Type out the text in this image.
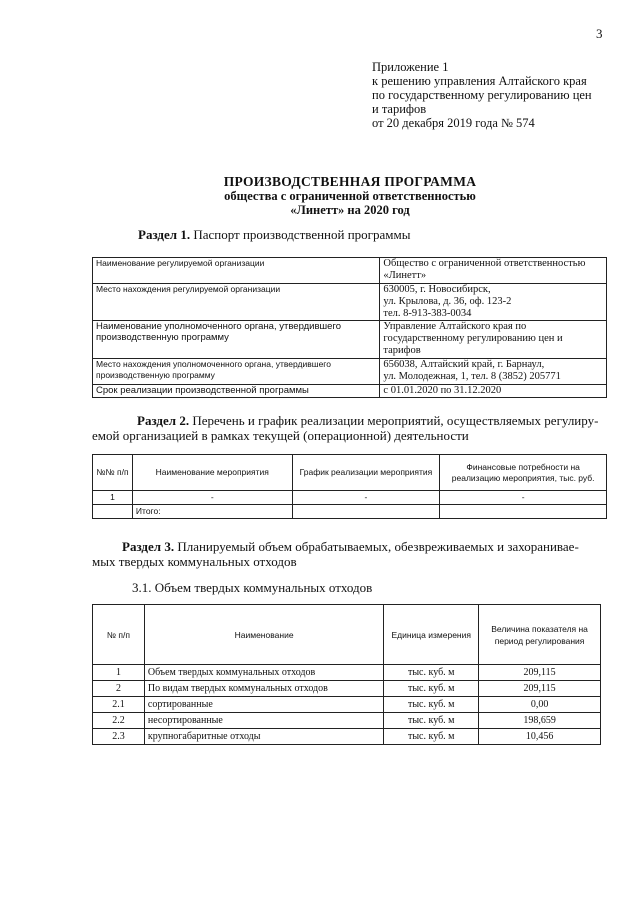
3
Приложение 1
к решению управления Алтайского края
по государственному регулированию цен
и тарифов
от 20 декабря 2019 года № 574
ПРОИЗВОДСТВЕННАЯ ПРОГРАММА
общества с ограниченной ответственностью
«Линетт» на 2020 год
Раздел 1. Паспорт производственной программы
Наименование регулируемой организации	Общество с ограниченной ответственностью
«Линетт»

Место нахождения регулируемой организации	630005, г. Новосибирск,
ул. Крылова, д. 36, оф. 123-2
тел. 8-913-383-0034

Наименование уполномоченного органа, утвердившего производственную программу	Управление Алтайского края по
государственному регулированию цен и
тарифов

Место нахождения уполномоченного органа, утвердившего производственную программу	656038, Алтайский край, г. Барнаул,
ул. Молодежная, 1, тел. 8 (3852) 205771

Срок реализации производственной программы	с 01.01.2020 по 31.12.2020
Раздел 2. Перечень и график реализации мероприятий, осуществляемых регулиру-
емой организацией в рамках текущей (операционной) деятельности
№№ п/п	Наименование мероприятия	График реализации мероприятия	Финансовые потребности на реализацию мероприятия, тыс. руб.
1	-	-	-
	Итого:		
Раздел 3. Планируемый объем обрабатываемых, обезвреживаемых и захоранивае-
мых твердых коммунальных отходов
3.1. Объем твердых коммунальных отходов
№ п/п	Наименование	Единица измерения	Величина показателя на период регулирования
1	Объем твердых коммунальных отходов	тыс. куб. м	209,115
2	По видам твердых коммунальных отходов	тыс. куб. м	209,115
2.1	сортированные	тыс. куб. м	0,00
2.2	несортированные	тыс. куб. м	198,659
2.3	крупногабаритные отходы	тыс. куб. м	10,456
